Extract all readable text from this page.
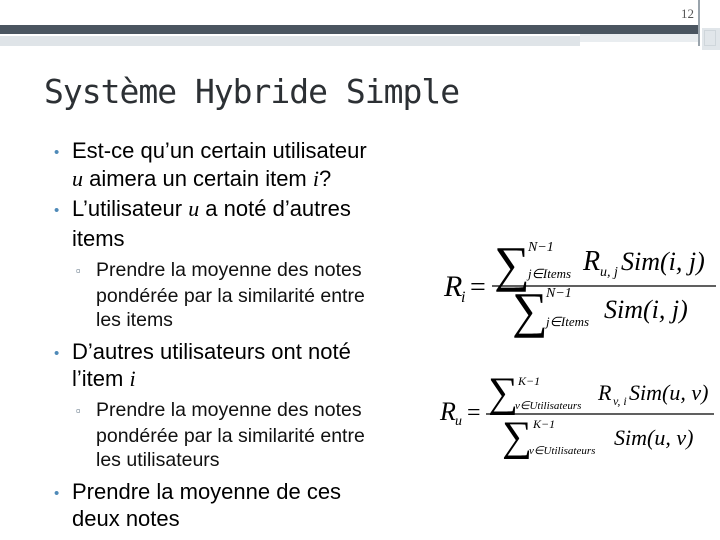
12
Système Hybride Simple
• Est-ce qu’un certain utilisateur
u aimera un certain item i?
• L’utilisateur u a noté d’autres
items
▫ Prendre la moyenne des notes
pondérée par la similarité entre
les items
• D’autres utilisateurs ont noté
l’item i
▫ Prendre la moyenne des notes
pondérée par la similarité entre
les utilisateurs
• Prendre la moyenne de ces
deux notes
R
i = ∑
N−1
j∈Items R u, j Sim(i, j)
∑
N−1
j∈Items Sim(i, j)
R u = ∑ K−1
v∈Utilisateurs
R v, i Sim(u, v)
∑ K−1
v∈Utilisateurs
Sim(u, v)
